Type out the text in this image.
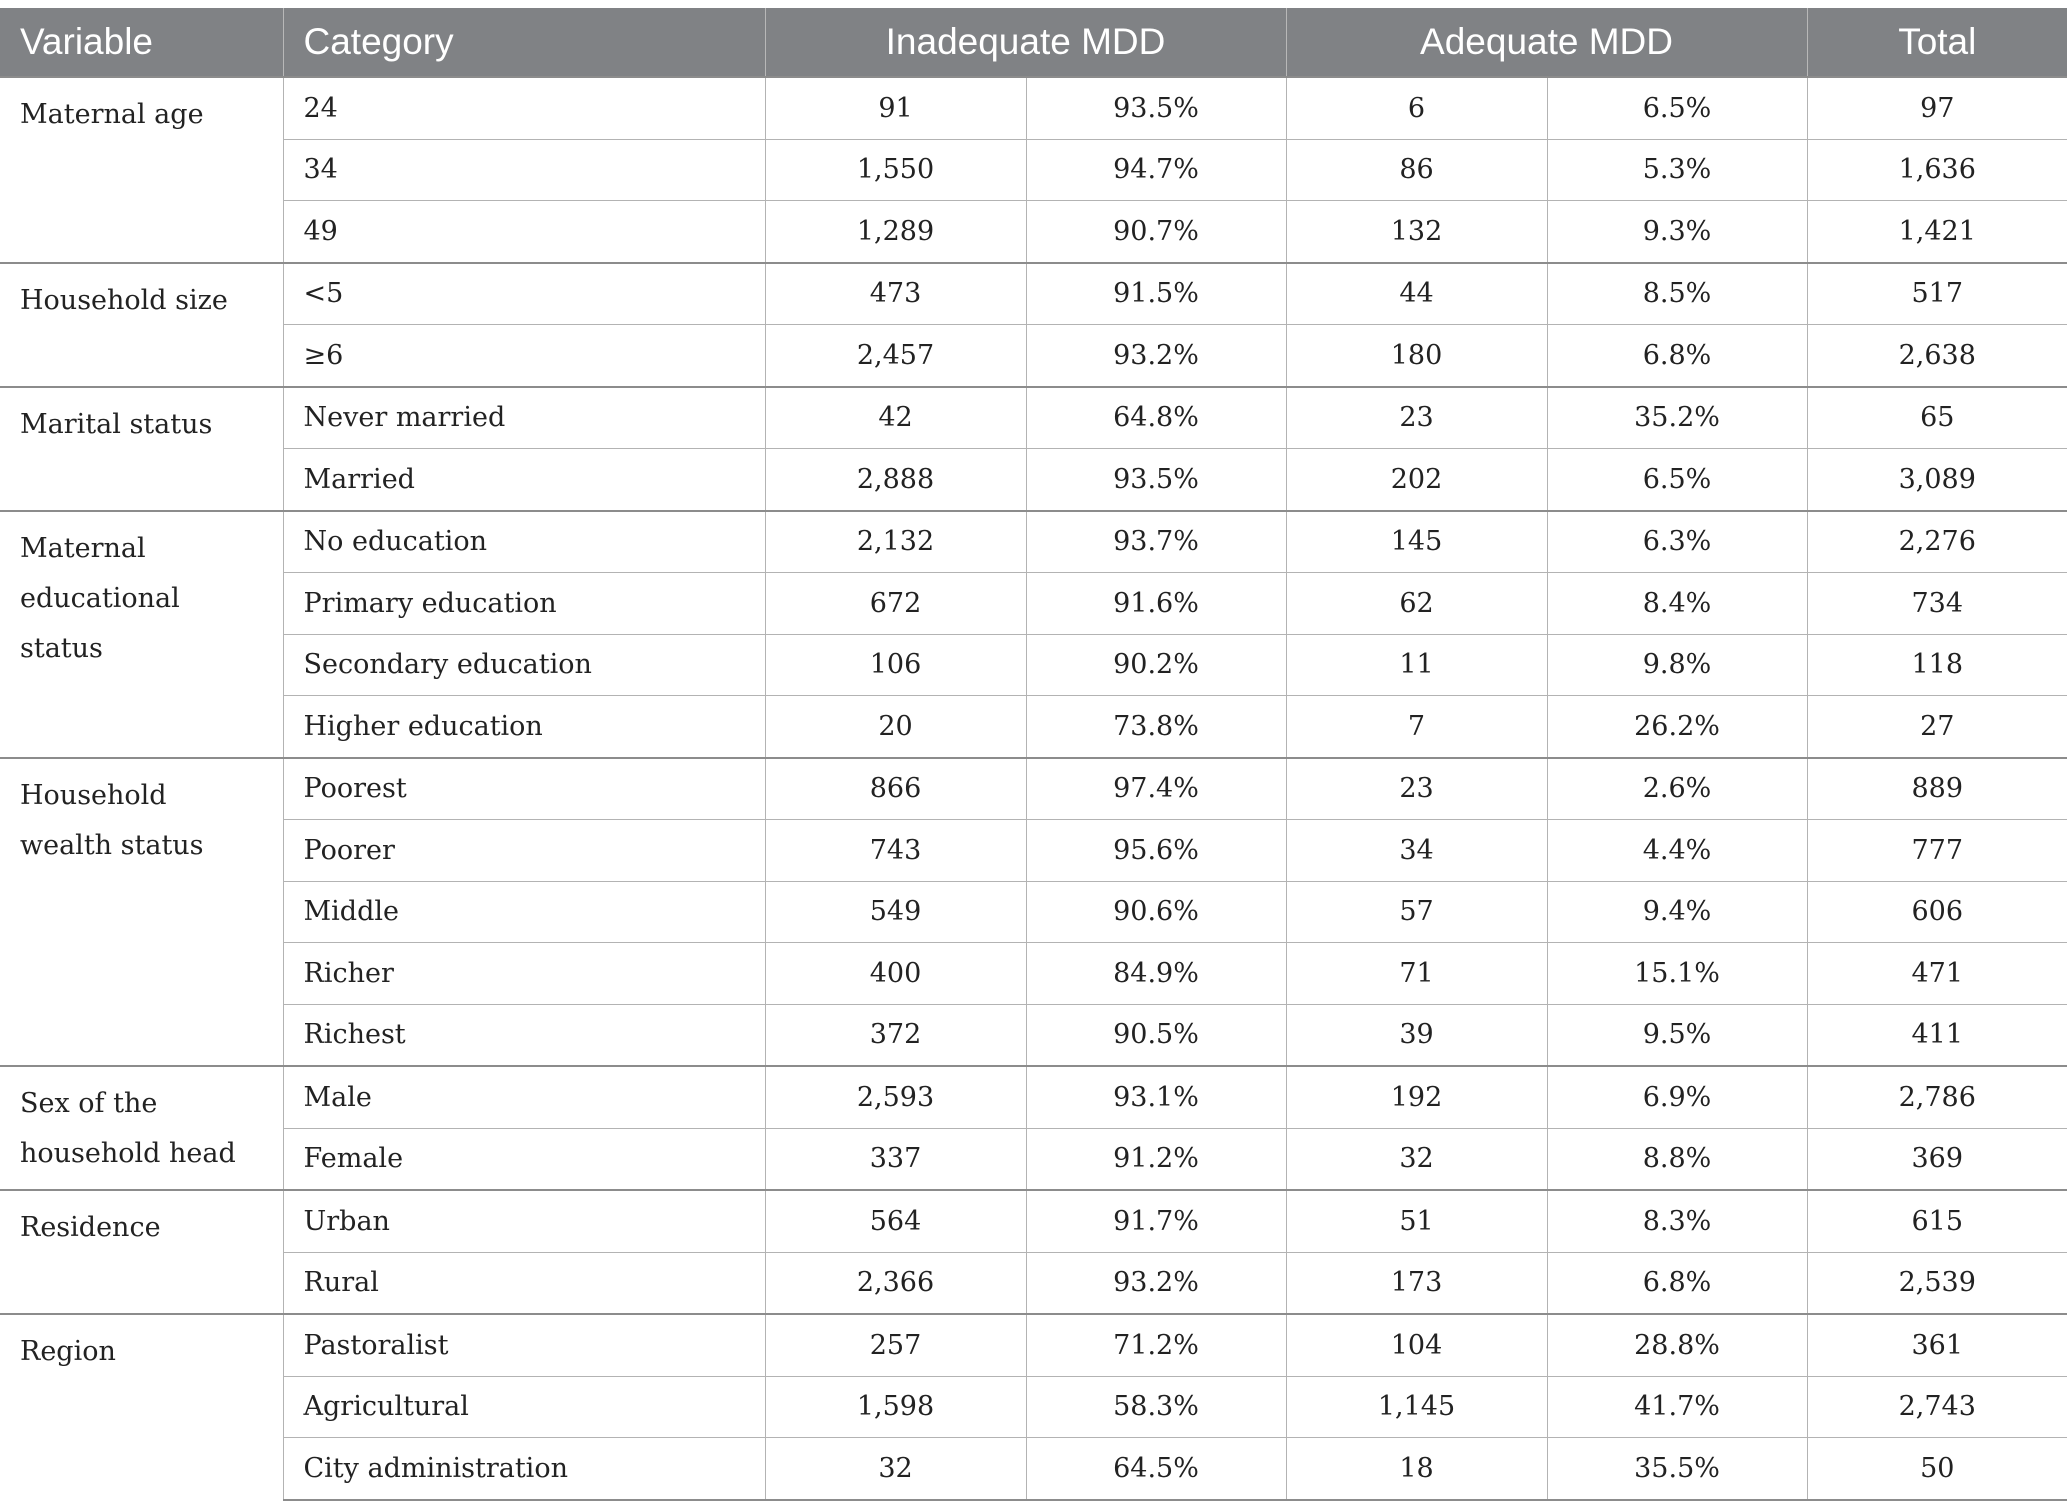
Variable	Category	Inadequate MDD		Adequate MDD		Total
Maternal age	24	91	93.5%	6	6.5%	97
	34	1,550	94.7%	86	5.3%	1,636
	49	1,289	90.7%	132	9.3%	1,421
Household size	<5	473	91.5%	44	8.5%	517
	≥6	2,457	93.2%	180	6.8%	2,638
Marital status	Never married	42	64.8%	23	35.2%	65
	Married	2,888	93.5%	202	6.5%	3,089
Maternal educational status	No education	2,132	93.7%	145	6.3%	2,276
	Primary education	672	91.6%	62	8.4%	734
	Secondary education	106	90.2%	11	9.8%	118
	Higher education	20	73.8%	7	26.2%	27
Household wealth status	Poorest	866	97.4%	23	2.6%	889
	Poorer	743	95.6%	34	4.4%	777
	Middle	549	90.6%	57	9.4%	606
	Richer	400	84.9%	71	15.1%	471
	Richest	372	90.5%	39	9.5%	411
Sex of the household head	Male	2,593	93.1%	192	6.9%	2,786
	Female	337	91.2%	32	8.8%	369
Residence	Urban	564	91.7%	51	8.3%	615
	Rural	2,366	93.2%	173	6.8%	2,539
Region	Pastoralist	257	71.2%	104	28.8%	361
	Agricultural	1,598	58.3%	1,145	41.7%	2,743
	City administration	32	64.5%	18	35.5%	50
